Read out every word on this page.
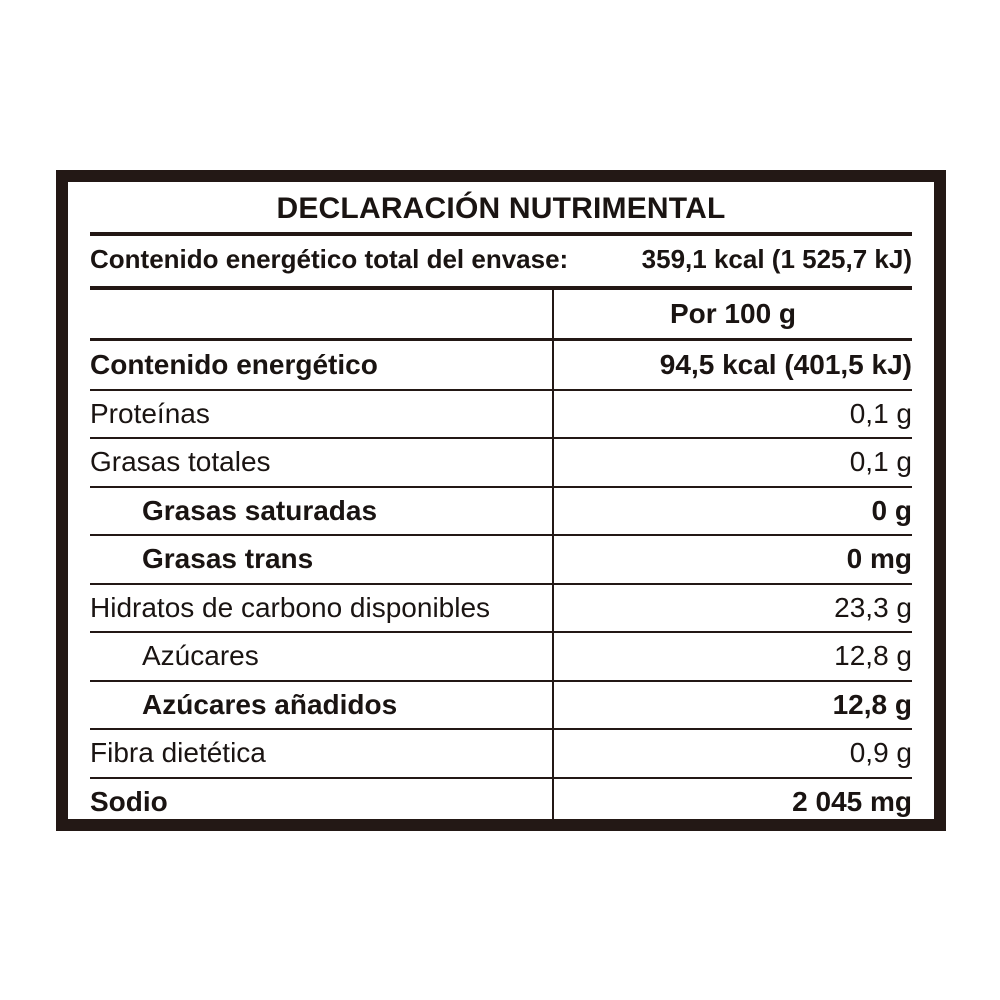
DECLARACIÓN NUTRIMENTAL
Contenido energético total del envase:	359,1 kcal (1 525,7 kJ)
Por 100 g
Contenido energético	94,5 kcal (401,5 kJ)
Proteínas	0,1 g
Grasas totales	0,1 g
Grasas saturadas	0 g
Grasas trans	0 mg
Hidratos de carbono disponibles	23,3 g
Azúcares	12,8 g
Azúcares añadidos	12,8 g
Fibra dietética	0,9 g
Sodio	2 045 mg
